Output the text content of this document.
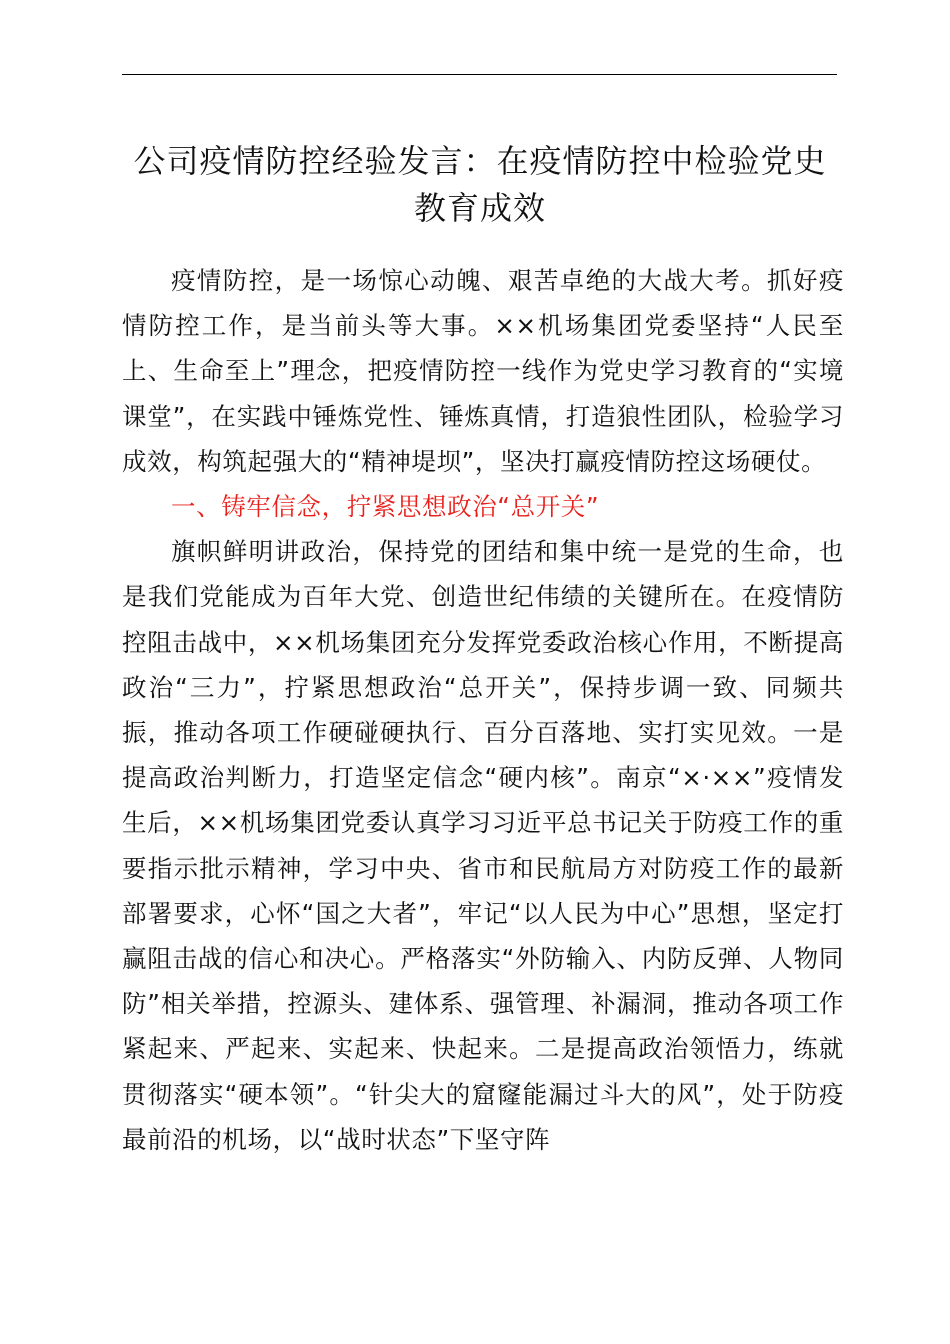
公司疫情防控经验发言：在疫情防控中检验党史教育成效

疫情防控，是一场惊心动魄、艰苦卓绝的大战大考。抓好疫情防控工作，是当前头等大事。××机场集团党委坚持“人民至上、生命至上”理念，把疫情防控一线作为党史学习教育的“实境课堂”，在实践中锤炼党性、锤炼真情，打造狼性团队，检验学习成效，构筑起强大的“精神堤坝”，坚决打赢疫情防控这场硬仗。

一、铸牢信念，拧紧思想政治“总开关”

旗帜鲜明讲政治，保持党的团结和集中统一是党的生命，也是我们党能成为百年大党、创造世纪伟绩的关键所在。在疫情防控阻击战中，××机场集团充分发挥党委政治核心作用，不断提高政治“三力”，拧紧思想政治“总开关”，保持步调一致、同频共振，推动各项工作硬碰硬执行、百分百落地、实打实见效。一是提高政治判断力，打造坚定信念“硬内核”。南京“×·××”疫情发生后，××机场集团党委认真学习习近平总书记关于防疫工作的重要指示批示精神，学习中央、省市和民航局方对防疫工作的最新部署要求，心怀“国之大者”，牢记“以人民为中心”思想，坚定打赢阻击战的信心和决心。严格落实“外防输入、内防反弹、人物同防”相关举措，控源头、建体系、强管理、补漏洞，推动各项工作紧起来、严起来、实起来、快起来。二是提高政治领悟力，练就贯彻落实“硬本领”。“针尖大的窟窿能漏过斗大的风”，处于防疫最前沿的机场，以“战时状态”下坚守阵
